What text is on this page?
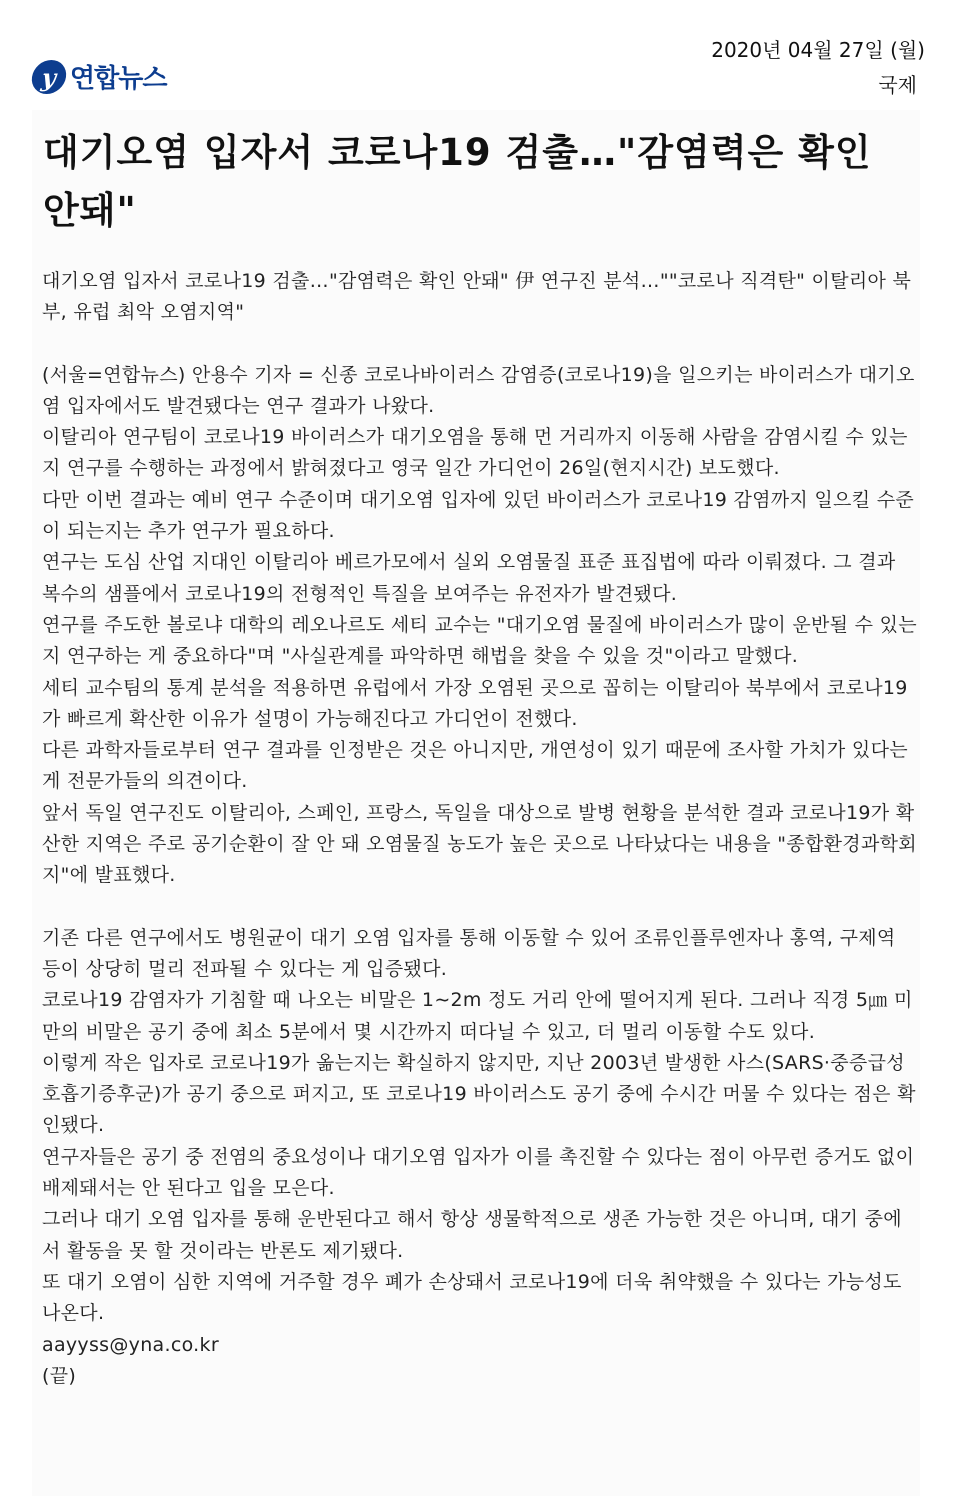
y 연합뉴스
2020년 04월 27일 (월)
국제
대기오염 입자서 코로나19 검출…"감염력은 확인 안돼"

대기오염 입자서 코로나19 검출…"감염력은 확인 안돼" 伊 연구진 분석…""코로나 직격탄" 이탈리아 북부, 유럽 최악 오염지역"

(서울=연합뉴스) 안용수 기자 = 신종 코로나바이러스 감염증(코로나19)을 일으키는 바이러스가 대기오염 입자에서도 발견됐다는 연구 결과가 나왔다.

이탈리아 연구팀이 코로나19 바이러스가 대기오염을 통해 먼 거리까지 이동해 사람을 감염시킬 수 있는지 연구를 수행하는 과정에서 밝혀졌다고 영국 일간 가디언이 26일(현지시간) 보도했다.

다만 이번 결과는 예비 연구 수준이며 대기오염 입자에 있던 바이러스가 코로나19 감염까지 일으킬 수준이 되는지는 추가 연구가 필요하다.

연구는 도심 산업 지대인 이탈리아 베르가모에서 실외 오염물질 표준 표집법에 따라 이뤄졌다. 그 결과 복수의 샘플에서 코로나19의 전형적인 특질을 보여주는 유전자가 발견됐다.

연구를 주도한 볼로냐 대학의 레오나르도 세티 교수는 "대기오염 물질에 바이러스가 많이 운반될 수 있는지 연구하는 게 중요하다"며 "사실관계를 파악하면 해법을 찾을 수 있을 것"이라고 말했다.

세티 교수팀의 통계 분석을 적용하면 유럽에서 가장 오염된 곳으로 꼽히는 이탈리아 북부에서 코로나19 가 빠르게 확산한 이유가 설명이 가능해진다고 가디언이 전했다.

다른 과학자들로부터 연구 결과를 인정받은 것은 아니지만, 개연성이 있기 때문에 조사할 가치가 있다는 게 전문가들의 의견이다.

앞서 독일 연구진도 이탈리아, 스페인, 프랑스, 독일을 대상으로 발병 현황을 분석한 결과 코로나19가 확산한 지역은 주로 공기순환이 잘 안 돼 오염물질 농도가 높은 곳으로 나타났다는 내용을 "종합환경과학회지"에 발표했다.

기존 다른 연구에서도 병원균이 대기 오염 입자를 통해 이동할 수 있어 조류인플루엔자나 홍역, 구제역 등이 상당히 멀리 전파될 수 있다는 게 입증됐다.

코로나19 감염자가 기침할 때 나오는 비말은 1∼2m 정도 거리 안에 떨어지게 된다. 그러나 직경 5㎛ 미만의 비말은 공기 중에 최소 5분에서 몇 시간까지 떠다닐 수 있고, 더 멀리 이동할 수도 있다.

이렇게 작은 입자로 코로나19가 옮는지는 확실하지 않지만, 지난 2003년 발생한 사스(SARS·중증급성호흡기증후군)가 공기 중으로 퍼지고, 또 코로나19 바이러스도 공기 중에 수시간 머물 수 있다는 점은 확인됐다.

연구자들은 공기 중 전염의 중요성이나 대기오염 입자가 이를 촉진할 수 있다는 점이 아무런 증거도 없이 배제돼서는 안 된다고 입을 모은다.

그러나 대기 오염 입자를 통해 운반된다고 해서 항상 생물학적으로 생존 가능한 것은 아니며, 대기 중에서 활동을 못 할 것이라는 반론도 제기됐다.

또 대기 오염이 심한 지역에 거주할 경우 폐가 손상돼서 코로나19에 더욱 취약했을 수 있다는 가능성도 나온다.

aayyss@yna.co.kr

(끝)
